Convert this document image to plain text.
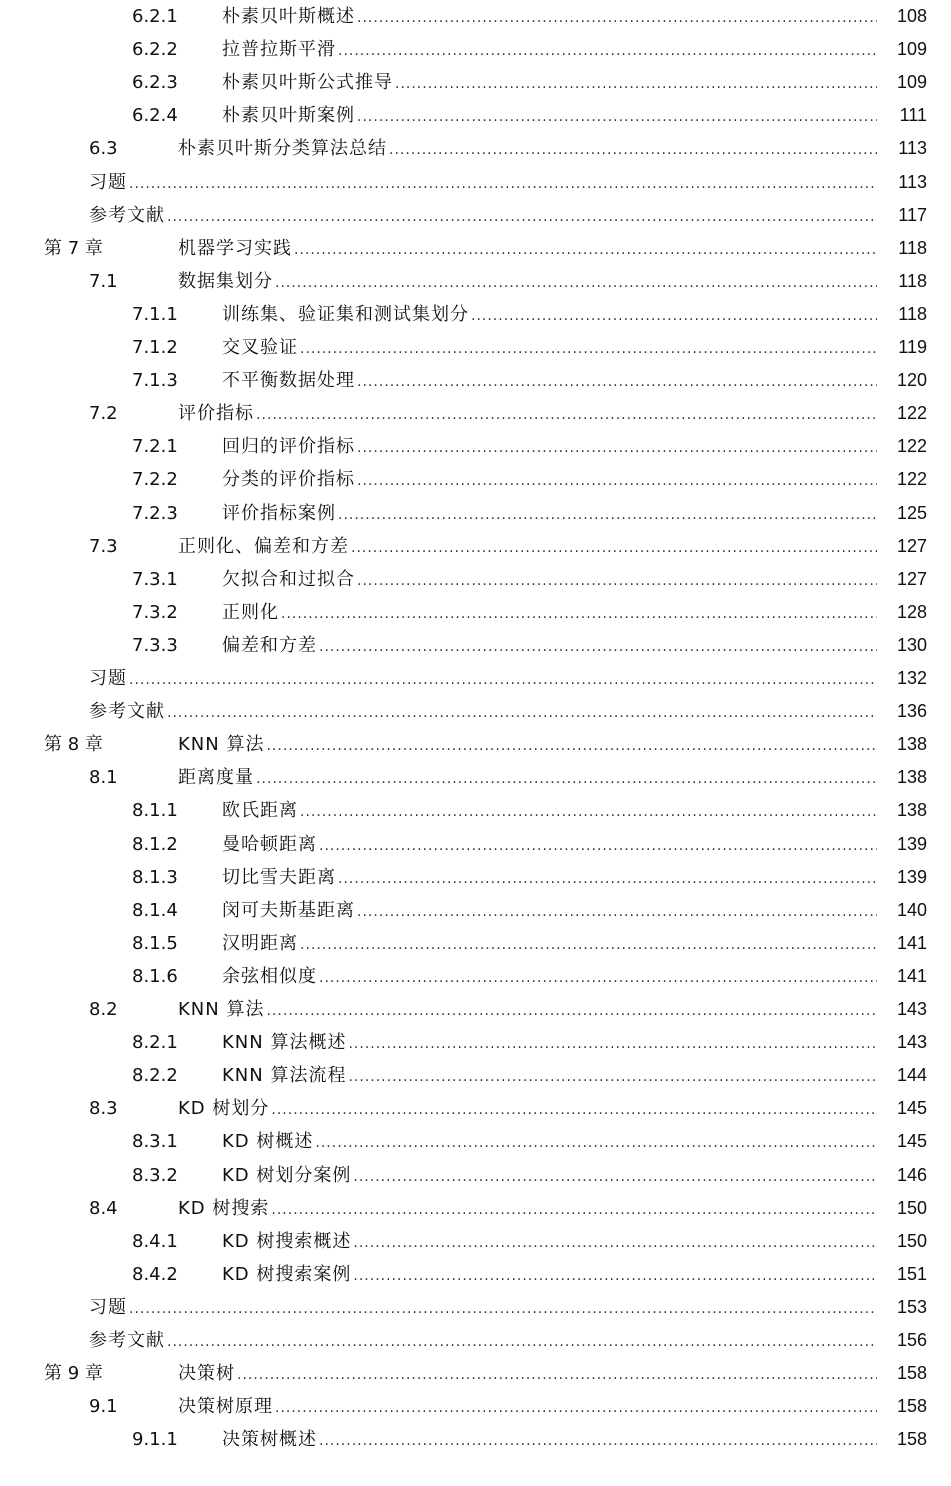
6.2.1 朴素贝叶斯概述 .....	108
6.2.2 拉普拉斯平滑 .....	109
6.2.3 朴素贝叶斯公式推导 .....	109
6.2.4 朴素贝叶斯案例 .....	111
6.3	朴素贝叶斯分类算法总结 .....	113
习题 .....	113
参考文献 .....	117
第 7 章	机器学习实践 .....	118
7.1	数据集划分 .....	118
7.1.1 训练集、验证集和测试集划分 .....	118
7.1.2 交叉验证 .....	119
7.1.3 不平衡数据处理 .....	120
7.2	评价指标 .....	122
7.2.1 回归的评价指标 .....	122
7.2.2 分类的评价指标 .....	122
7.2.3 评价指标案例 .....	125
7.3	正则化、偏差和方差 .....	127
7.3.1 欠拟合和过拟合 .....	127
7.3.2 正则化 .....	128
7.3.3 偏差和方差 .....	130
习题 .....	132
参考文献 .....	136
第 8 章	KNN 算法 .....	138
8.1	距离度量 .....	138
8.1.1 欧氏距离 .....	138
8.1.2 曼哈顿距离 .....	139
8.1.3 切比雪夫距离 .....	139
8.1.4 闵可夫斯基距离 .....	140
8.1.5 汉明距离 .....	141
8.1.6 余弦相似度 .....	141
8.2	KNN 算法 .....	143
8.2.1 KNN 算法概述 .....	143
8.2.2 KNN 算法流程 .....	144
8.3	KD 树划分 .....	145
8.3.1 KD 树概述 .....	145
8.3.2 KD 树划分案例 .....	146
8.4	KD 树搜索 .....	150
8.4.1 KD 树搜索概述 .....	150
8.4.2 KD 树搜索案例 .....	151
习题 .....	153
参考文献 .....	156
第 9 章	决策树 .....	158
9.1	决策树原理 .....	158
9.1.1 决策树概述 .....	158
